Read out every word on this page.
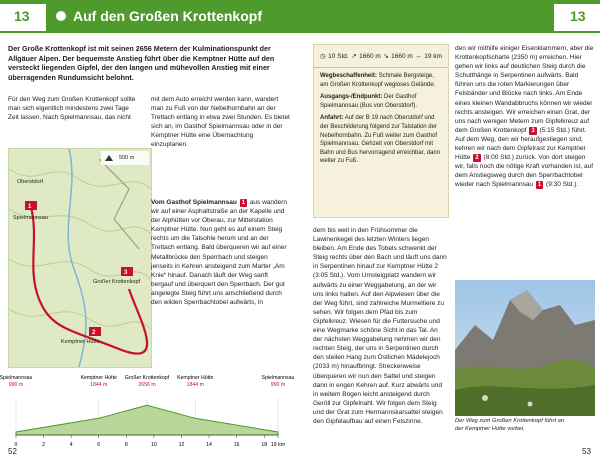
13	Auf den Großen Krottenkopf	13
Der Große Krottenkopf ist mit seinen 2656 Metern der Kulminationspunkt der Allgäuer Alpen. Der bequemste Anstieg führt über die Kemptner Hütte auf den versteckt liegenden Gipfel, der den langen und mühevollen Anstieg mit einer überragenden Rundumsicht belohnt.
Für den Weg zum Großen Krottenkopf sollte man sich eigentlich mindestens zwei Tage Zeit lassen. Nach Spielmannsau, das nicht
mit dem Auto erreicht werden kann, wandert man zu Fuß von der Nebelhornbahn an der Trettach entlang in etwa zwei Stunden. Es bietet sich an, im Gasthof Spielmannsau oder in der Kemptner Hütte eine Übernachtung einzuplanen.
1
2
3
Spielmannsau
Kemptner Hütte
Großer Krottenkopf
Oberstdorf
500 m
Vom Gasthof Spielmannsau 1 aus wandern wir auf einer Asphaltstraße an der Kapelle und der Alphütten vor Oberau, zur Mittelstation Kemptner Hütte. Nun geht es auf einem Steig rechts um die Talsohle herum und an der Trettach entlang. Bald überqueren wir auf einer Metallbrücke den Sperrbach und steigen jenseits in Kehren ansteigend zum Marter „Am Knie“ hinauf. Danach läuft der Weg sanft bergauf und überquert den Sperrbach. Der gut angelegte Steig führt uns anschließend durch den wilden Sperrbachtobel aufwärts, in
Spielmannsau
990 m
Kemptner Hütte
1844 m
Großer Krottenkopf
2656 m
Kemptner Hütte
1844 m
Spielmannsau
990 m
0	2	4	6	8	10	12	14	16	18 19 km
52
◷ 10 Std. ↗ 1660 m ↘ 1660 m ↔ 19 km

Wegbeschaffenheit: Schmale Bergsteige, am Großen Krottenkopf wegloses Gelände.

Ausgangs-/Endpunkt: Der Gasthof Spielmannsau (Bus von Oberstdorf).

Anfahrt: Auf der B 19 nach Oberstdorf und der Beschilderung folgend zur Talstation der Nebelhornbahn. Zu Fuß weiter zum Gasthof Spielmannsau. Gehzeit von Oberstdorf mit Bahn und Bus hervorragend erreichbar, dann weiter zu Fuß.

dem bis weit in den Frühsommer die Lawinenkegel des letzten Winters liegen bleiben. Am Ende des Tobels schwenkt der Steig rechts über den Bach und läuft uns dann in Serpentinen hinauf zur Kemptner Hütte 2 (3:05 Std.). Vom Umsteigplatz wandern wir aufwärts zu einer Weggabelung, an der wir uns links halten. Auf den Alpwiesen über die der Weg führt, sind zahlreiche Murmeltiere zu sehen. Wir folgen dem Pfad bis zum Gipfelkreuz. Wiesen für die Futtersuche und eine Wegmarke schöne Sicht in das Tal. An der nächsten Weggabelung nehmen wir den rechten Steig, der uns in Serpentinen durch den steilen Hang zum Östlichen Mädelejoch (2033 m) hinaufbringt. Streckenweise überqueren wir nun den Sattel und steigen dann in engen Kehren auf. Kurz abwärts und in weitem Bogen leicht ansteigend durch Geröll zur Gipfelnaht. Wir folgen dem Steig und der Grat zum Hermannskarsattel steigen den Gipfelaufbau auf einen Felszinne.
den wir mithilfe einiger Eisenklammern, aber die Krottenkopfscharte (2350 m) erreichen. Hier gehen wir links auf deutlichen Steig durch die Schutthänge in Serpentinen aufwärts. Bald führen uns die roten Markierungen über Felsbänder und Blöcke nach links. Am Ende eines kleinen Wandabbruchs können wir wieder rechts ansteigen. Wir erreichen einen Grat, der uns nach wenigen Metern zum Gipfelkreuz auf dem Großen Krottenkopf 3 (5:15 Std.) führt. Auf dem Weg, den wir heraufgestiegen sind, kehren wir nach dem Gipfelrast zur Kemptner Hütte 2 (8:00 Std.) zurück. Von dort steigen wir, falls noch die nötige Kraft vorhanden ist, auf dem Anstiegsweg durch den Sperrbachtobel wieder nach Spielmannsau 1 (9:30 Std.).
Der Weg zum Großen Krottenkopf führt an der Kemptner Hütte vorbei.
53
